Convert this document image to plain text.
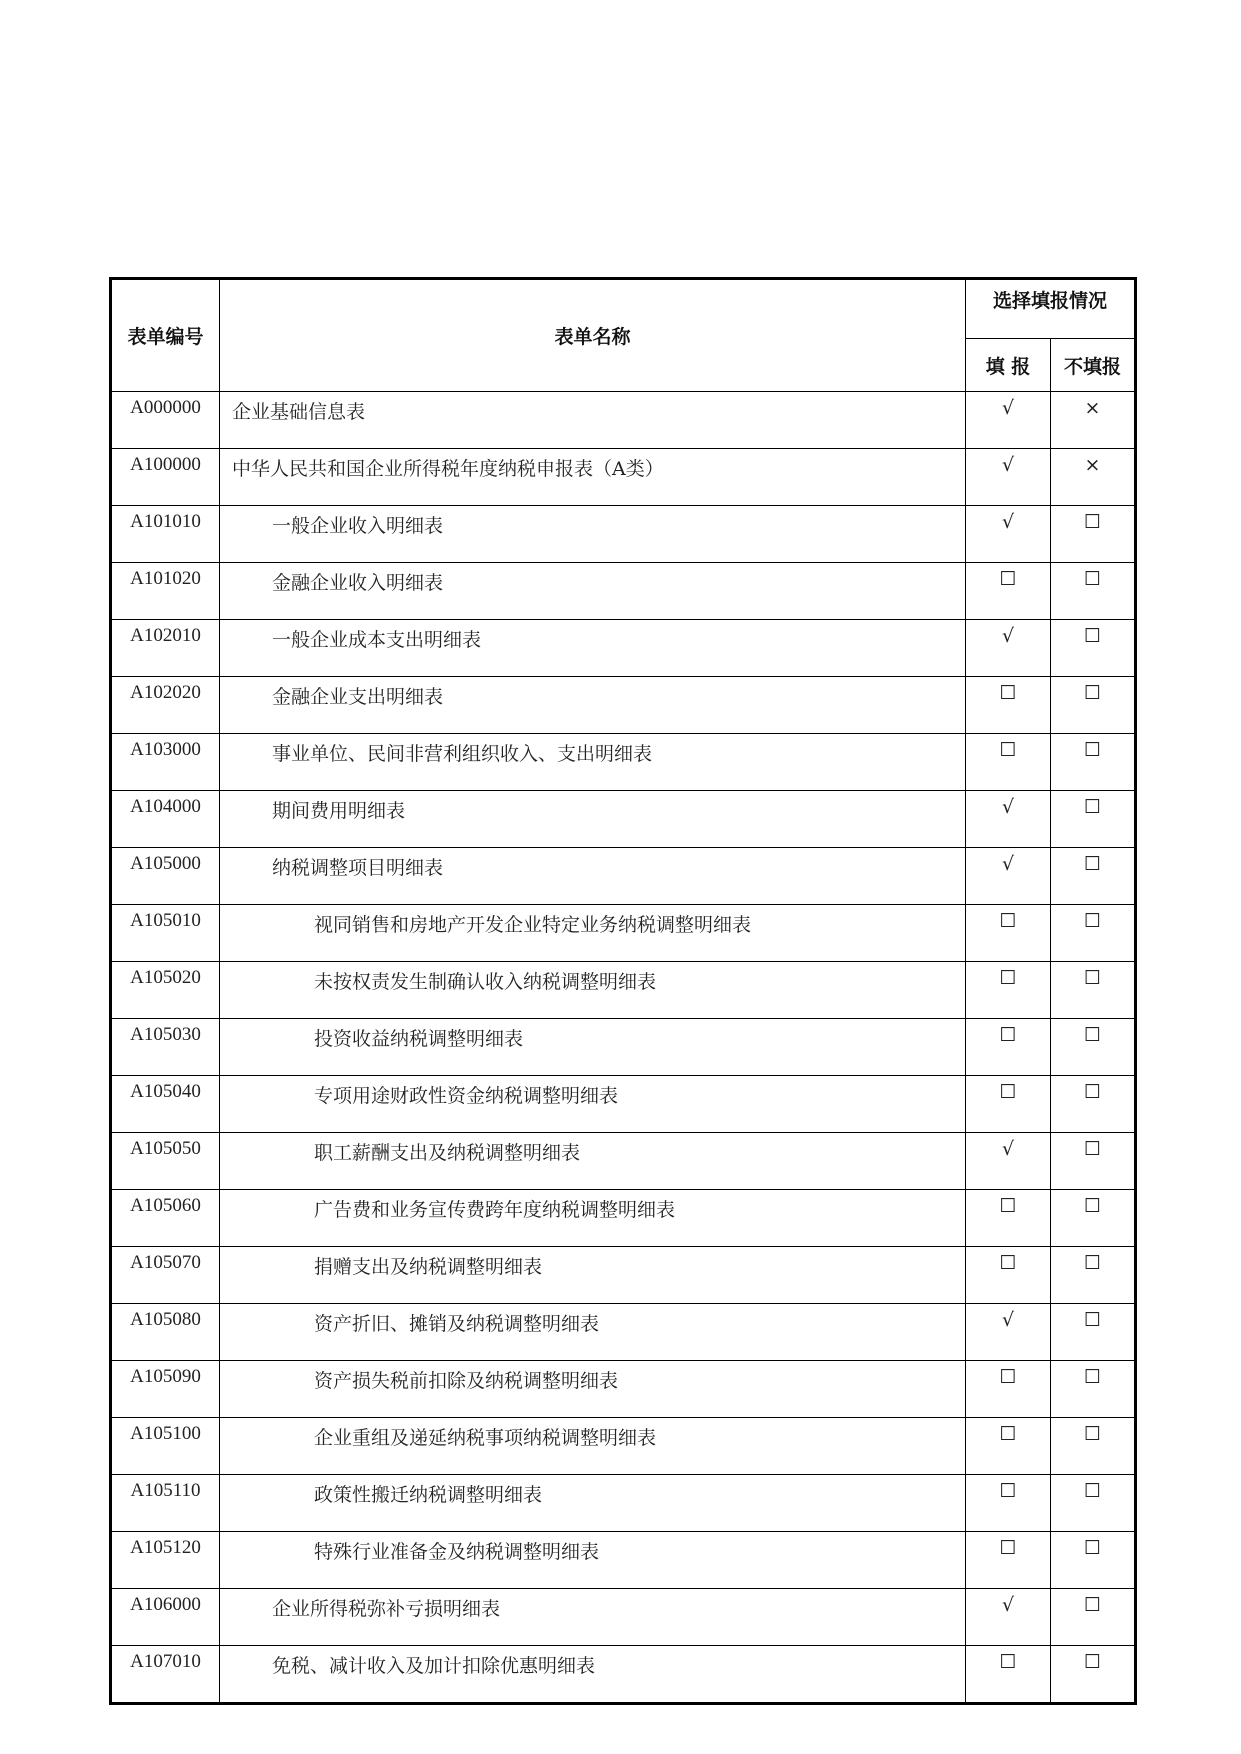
表单编号	表单名称	选择填报情况	
		填 报	不填报
A000000	企业基础信息表	√	×
A100000	中华人民共和国企业所得税年度纳税申报表（A类）	√	×
A101010	一般企业收入明细表	√	☐
A101020	金融企业收入明细表	☐	☐
A102010	一般企业成本支出明细表	√	☐
A102020	金融企业支出明细表	☐	☐
A103000	事业单位、民间非营利组织收入、支出明细表	☐	☐
A104000	期间费用明细表	√	☐
A105000	纳税调整项目明细表	√	☐
A105010	视同销售和房地产开发企业特定业务纳税调整明细表	☐	☐
A105020	未按权责发生制确认收入纳税调整明细表	☐	☐
A105030	投资收益纳税调整明细表	☐	☐
A105040	专项用途财政性资金纳税调整明细表	☐	☐
A105050	职工薪酬支出及纳税调整明细表	√	☐
A105060	广告费和业务宣传费跨年度纳税调整明细表	☐	☐
A105070	捐赠支出及纳税调整明细表	☐	☐
A105080	资产折旧、摊销及纳税调整明细表	√	☐
A105090	资产损失税前扣除及纳税调整明细表	☐	☐
A105100	企业重组及递延纳税事项纳税调整明细表	☐	☐
A105110	政策性搬迁纳税调整明细表	☐	☐
A105120	特殊行业准备金及纳税调整明细表	☐	☐
A106000	企业所得税弥补亏损明细表	√	☐
A107010	免税、减计收入及加计扣除优惠明细表	☐	☐
